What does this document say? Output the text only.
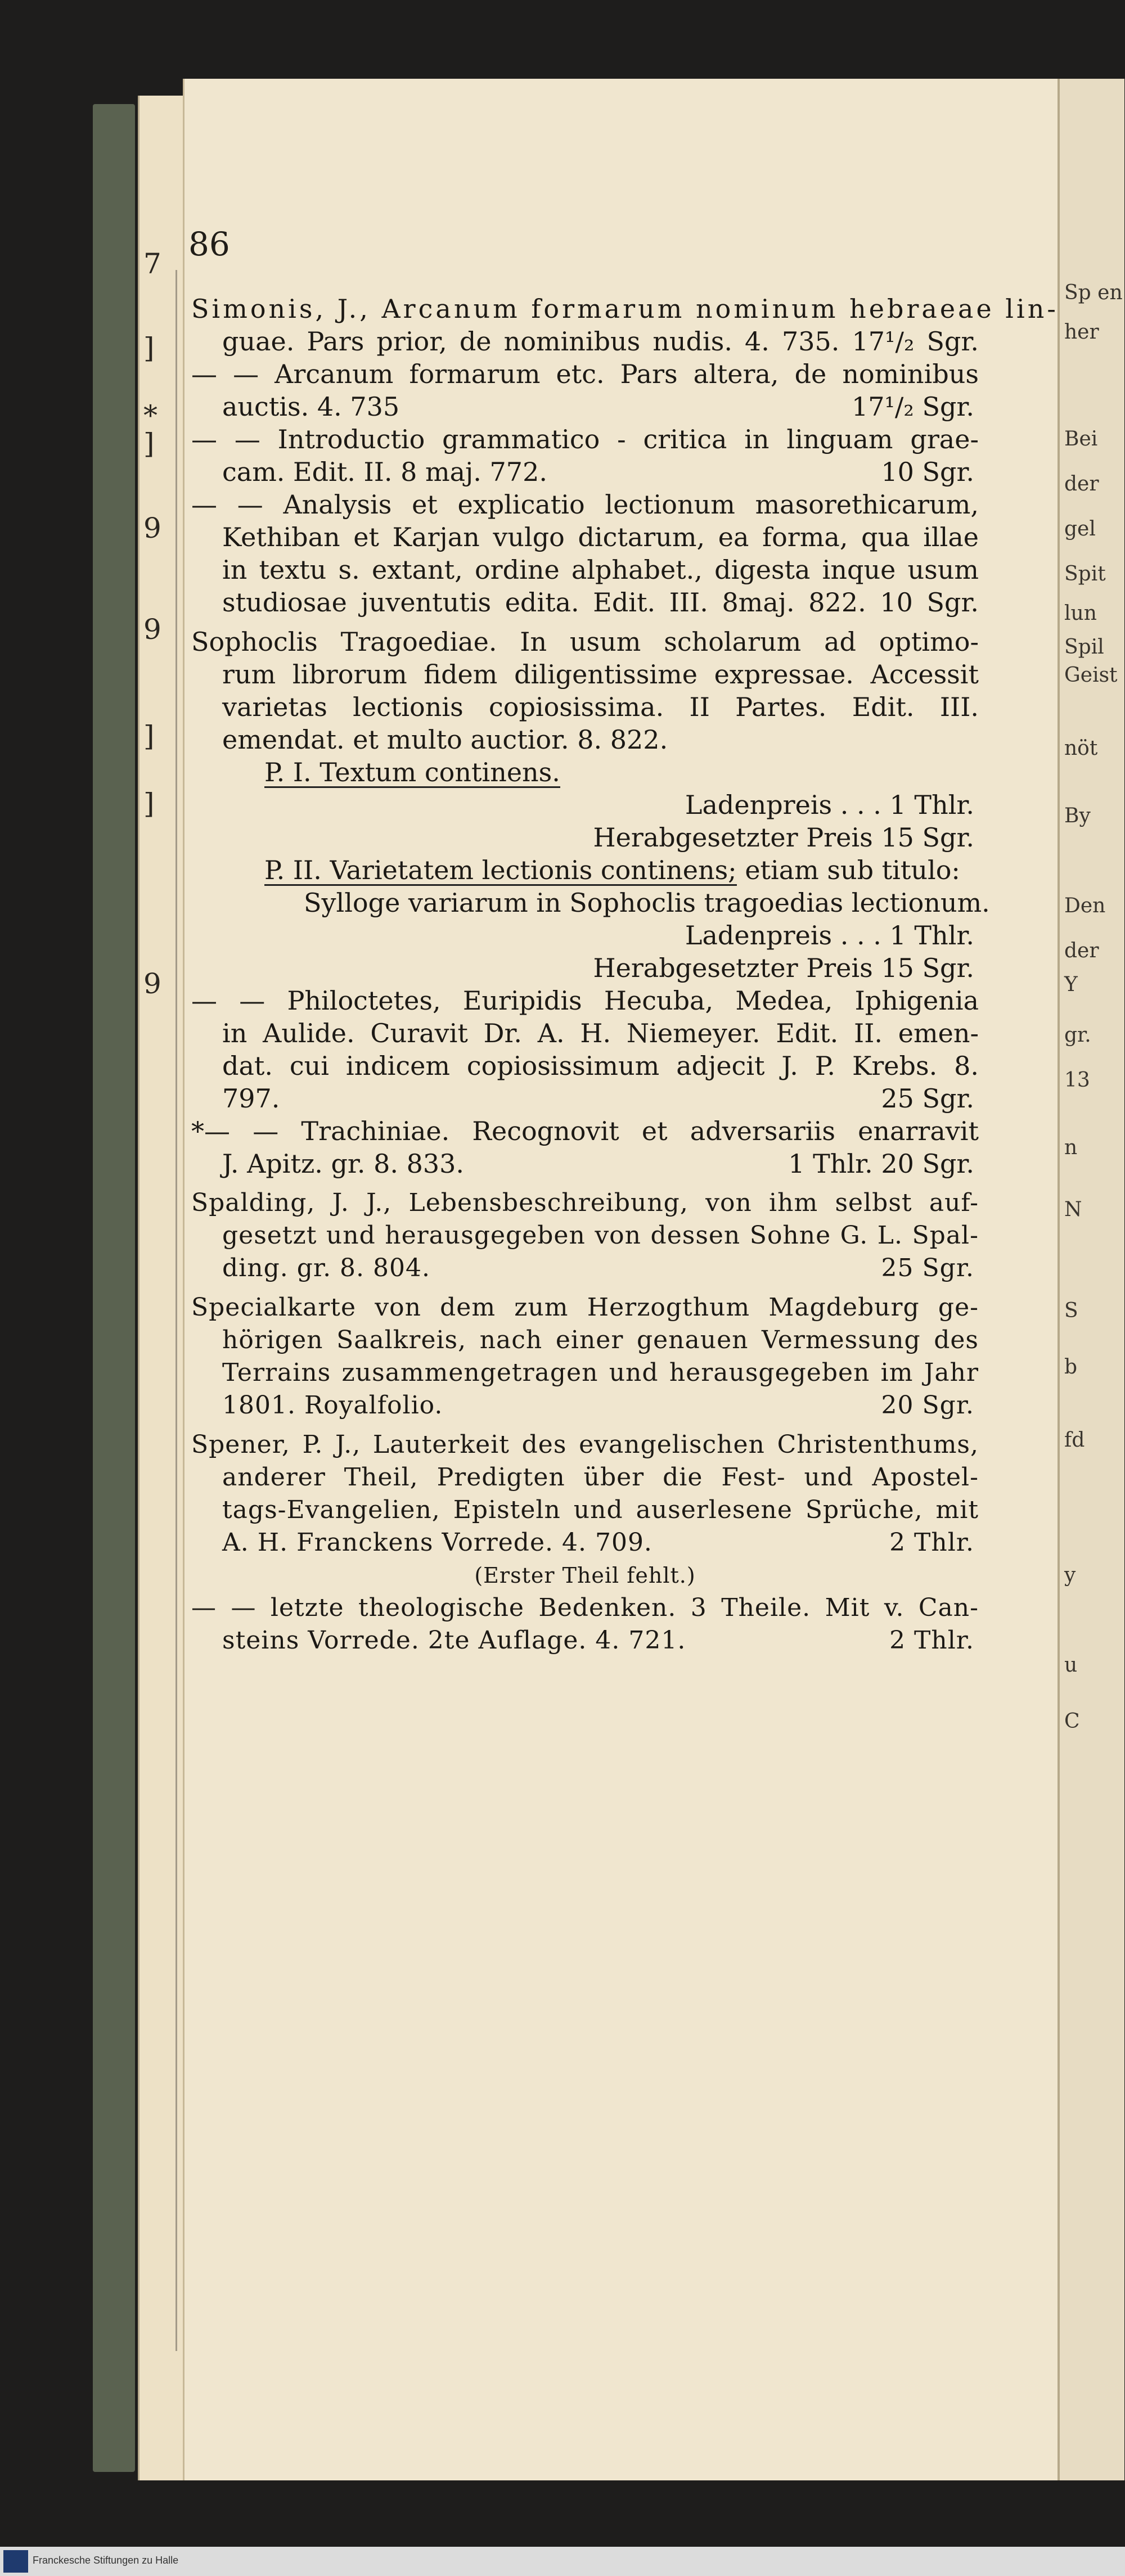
Sp en
her
Bei
der
gel
Spit
lun
Spil
Geist
nöt
By
Den
der
Y
gr.
13
n
N
S
b
fd
y
u
C
86
7
]
*
]
]
9
9
]
9
Simonis, J., Arcanum formarum nominum hebraeae lin-
guae. Pars prior, de nominibus nudis. 4. 735. 17¹/₂ Sgr.
— — Arcanum formarum etc. Pars altera, de nominibus
auctis. 4. 735	17¹/₂ Sgr.
— — Introductio grammatico - critica in linguam grae-
cam. Edit. II. 8 maj. 772.	10 Sgr.
— — Analysis et explicatio lectionum masorethicarum,
Kethiban et Karjan vulgo dictarum, ea forma, qua illae
in textu s. extant, ordine alphabet., digesta inque usum
studiosae juventutis edita. Edit. III. 8maj. 822. 10 Sgr.
Sophoclis Tragoediae. In usum scholarum ad optimo-
rum librorum fidem diligentissime expressae. Accessit
varietas lectionis copiosissima. II Partes. Edit. III.
emendat. et multo auctior. 8. 822.
P. I. Textum continens.
Ladenpreis . . . 1 Thlr.
Herabgesetzter Preis 15 Sgr.
P. II. Varietatem lectionis continens; etiam sub titulo:
Sylloge variarum in Sophoclis tragoedias lectionum.
Ladenpreis . . . 1 Thlr.
Herabgesetzter Preis 15 Sgr.
— — Philoctetes, Euripidis Hecuba, Medea, Iphigenia
in Aulide. Curavit Dr. A. H. Niemeyer. Edit. II. emen-
dat. cui indicem copiosissimum adjecit J. P. Krebs. 8.
797.	25 Sgr.
*— — Trachiniae. Recognovit et adversariis enarravit
J. Apitz. gr. 8. 833.	1 Thlr. 20 Sgr.
Spalding, J. J., Lebensbeschreibung, von ihm selbst auf-
gesetzt und herausgegeben von dessen Sohne G. L. Spal-
ding. gr. 8. 804.	25 Sgr.
Specialkarte von dem zum Herzogthum Magdeburg ge-
hörigen Saalkreis, nach einer genauen Vermessung des
Terrains zusammengetragen und herausgegeben im Jahr
1801. Royalfolio.	20 Sgr.
Spener, P. J., Lauterkeit des evangelischen Christenthums,
anderer Theil, Predigten über die Fest- und Apostel-
tags-Evangelien, Episteln und auserlesene Sprüche, mit
A. H. Franckens Vorrede. 4. 709.	2 Thlr.
(Erster Theil fehlt.)
— — letzte theologische Bedenken. 3 Theile. Mit v. Can-
steins Vorrede. 2te Auflage. 4. 721.	2 Thlr.
Franckesche Stiftungen zu Halle
